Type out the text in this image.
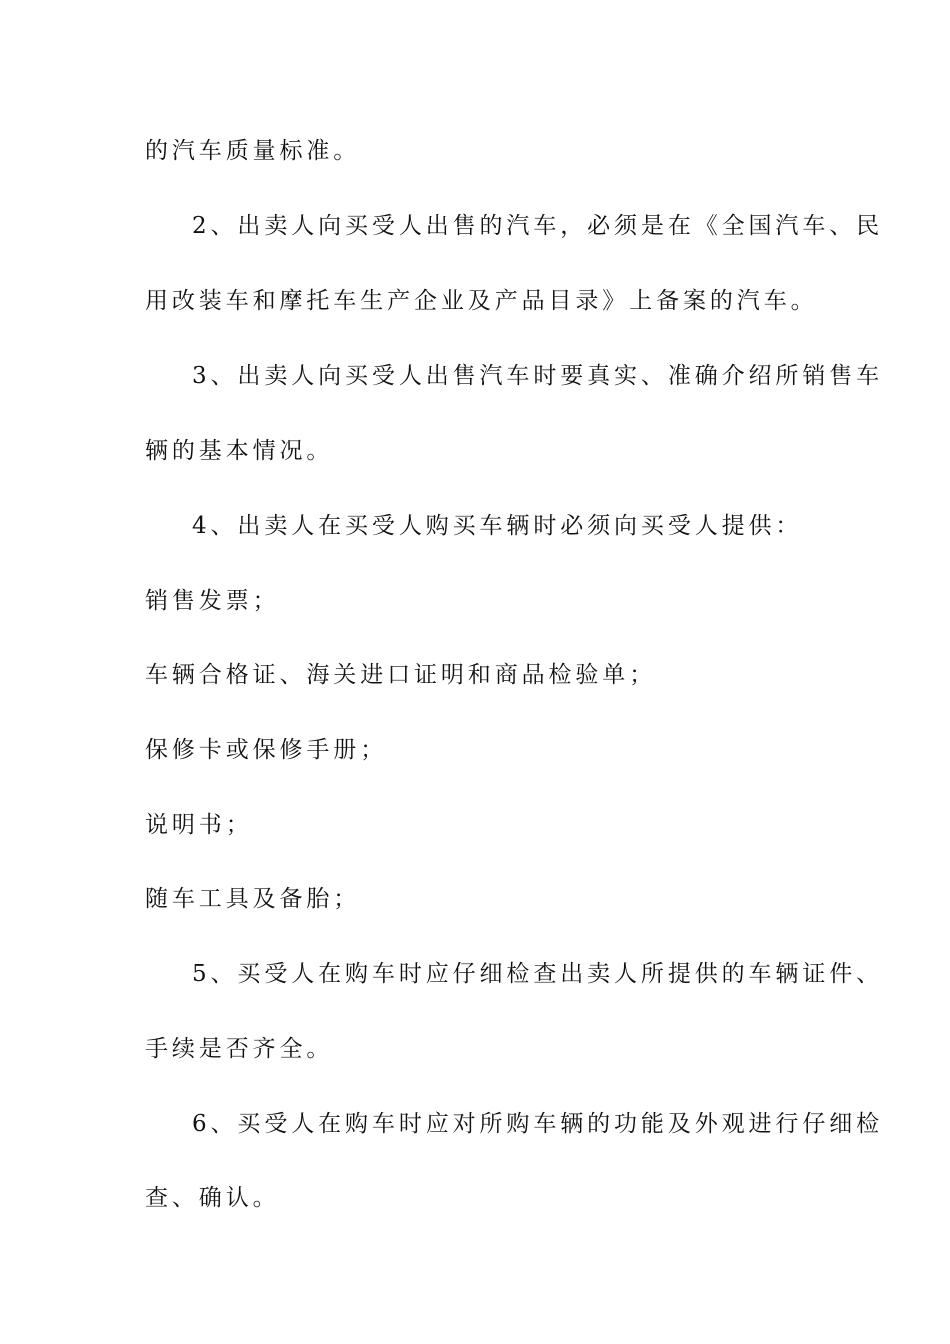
的汽车质量标准。
2、出卖人向买受人出售的汽车，必须是在《全国汽车、民
用改装车和摩托车生产企业及产品目录》上备案的汽车。
3、出卖人向买受人出售汽车时要真实、准确介绍所销售车
辆的基本情况。
4、出卖人在买受人购买车辆时必须向买受人提供：
销售发票；
车辆合格证、海关进口证明和商品检验单；
保修卡或保修手册；
说明书；
随车工具及备胎；
5、买受人在购车时应仔细检查出卖人所提供的车辆证件、
手续是否齐全。
6、买受人在购车时应对所购车辆的功能及外观进行仔细检
查、确认。
